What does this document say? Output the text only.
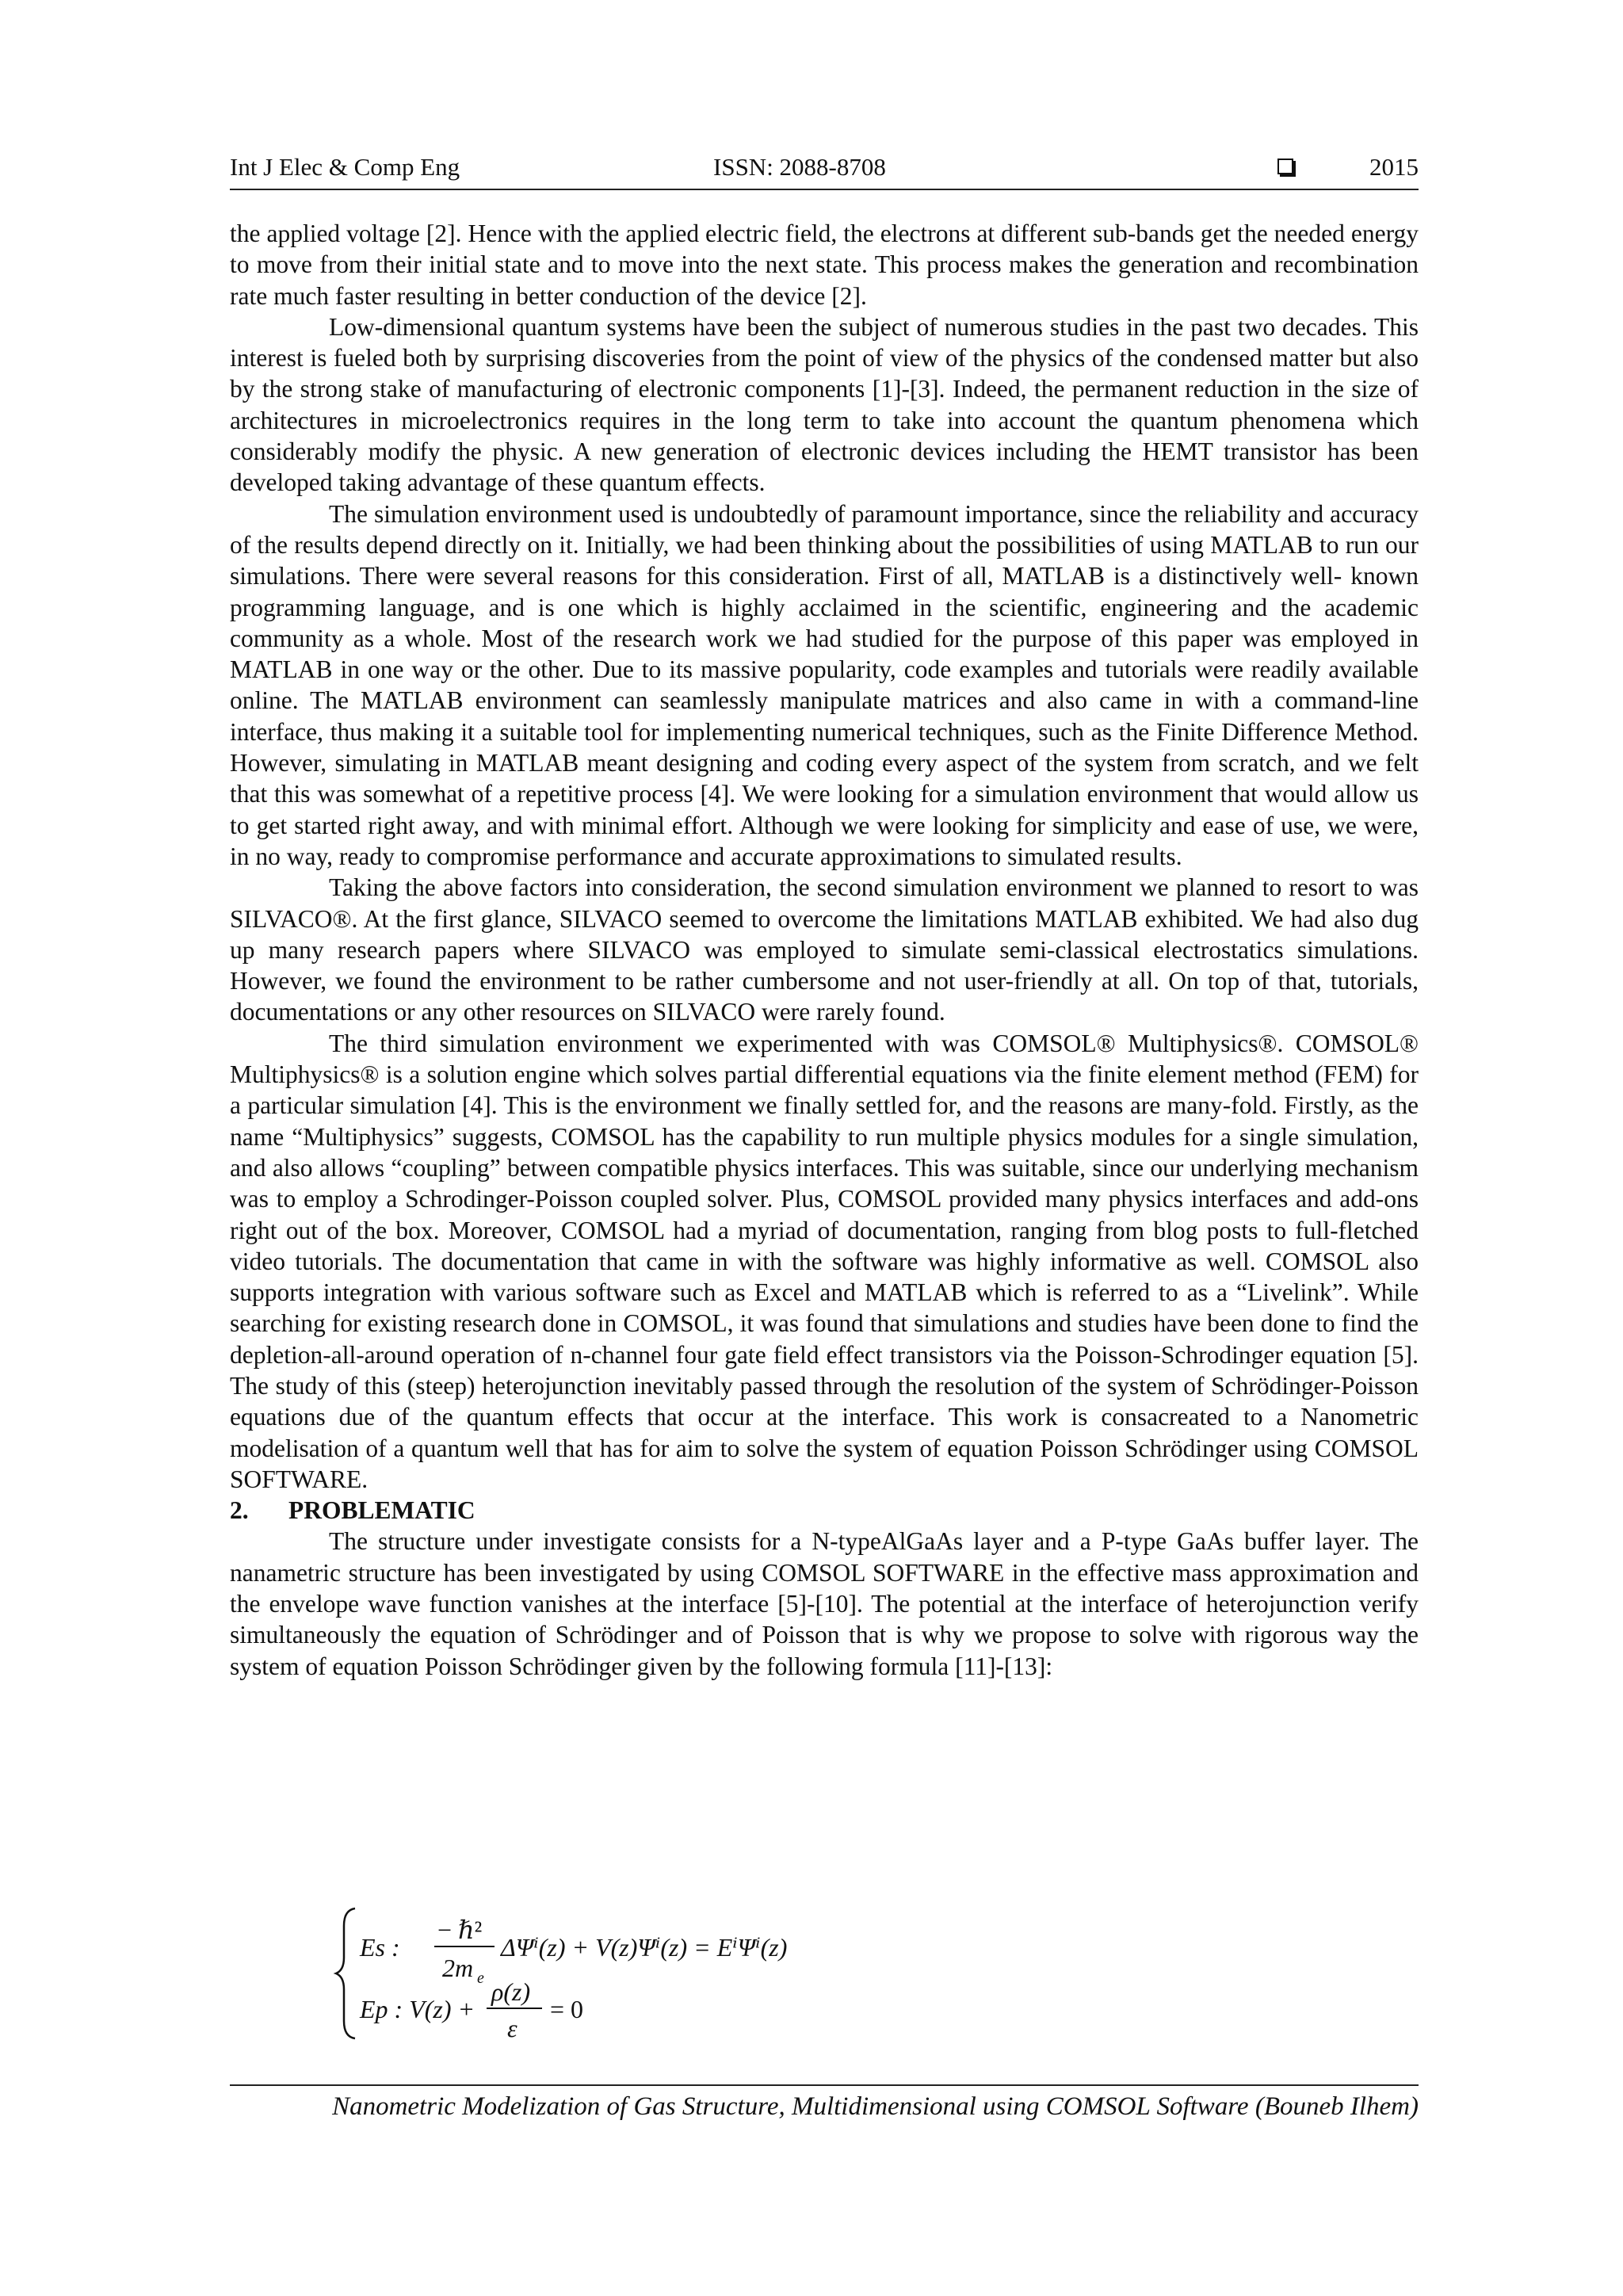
Int J Elec & Comp Eng	ISSN: 2088-8708	2015

the applied voltage [2]. Hence with the applied electric field, the electrons at different sub-bands get the needed energy to move from their initial state and to move into the next state. This process makes the generation and recombination rate much faster resulting in better conduction of the device [2].

Low-dimensional quantum systems have been the subject of numerous studies in the past two decades. This interest is fueled both by surprising discoveries from the point of view of the physics of the condensed matter but also by the strong stake of manufacturing of electronic components [1]-[3]. Indeed, the permanent reduction in the size of architectures in microelectronics requires in the long term to take into account the quantum phenomena which considerably modify the physic. A new generation of electronic devices including the HEMT transistor has been developed taking advantage of these quantum effects.

The simulation environment used is undoubtedly of paramount importance, since the reliability and accuracy of the results depend directly on it. Initially, we had been thinking about the possibilities of using MATLAB to run our simulations. There were several reasons for this consideration. First of all, MATLAB is a distinctively well- known programming language, and is one which is highly acclaimed in the scientific, engineering and the academic community as a whole. Most of the research work we had studied for the purpose of this paper was employed in MATLAB in one way or the other. Due to its massive popularity, code examples and tutorials were readily available online. The MATLAB environment can seamlessly manipulate matrices and also came in with a command-line interface, thus making it a suitable tool for implementing numerical techniques, such as the Finite Difference Method. However, simulating in MATLAB meant designing and coding every aspect of the system from scratch, and we felt that this was somewhat of a repetitive process [4]. We were looking for a simulation environment that would allow us to get started right away, and with minimal effort. Although we were looking for simplicity and ease of use, we were, in no way, ready to compromise performance and accurate approximations to simulated results.

Taking the above factors into consideration, the second simulation environment we planned to resort to was SILVACO®. At the first glance, SILVACO seemed to overcome the limitations MATLAB exhibited. We had also dug up many research papers where SILVACO was employed to simulate semi-classical electrostatics simulations. However, we found the environment to be rather cumbersome and not user-friendly at all. On top of that, tutorials, documentations or any other resources on SILVACO were rarely found.

The third simulation environment we experimented with was COMSOL® Multiphysics®. COMSOL® Multiphysics® is a solution engine which solves partial differential equations via the finite element method (FEM) for a particular simulation [4]. This is the environment we finally settled for, and the reasons are many-fold. Firstly, as the name “Multiphysics” suggests, COMSOL has the capability to run multiple physics modules for a single simulation, and also allows “coupling” between compatible physics interfaces. This was suitable, since our underlying mechanism was to employ a Schrodinger-Poisson coupled solver. Plus, COMSOL provided many physics interfaces and add-ons right out of the box. Moreover, COMSOL had a myriad of documentation, ranging from blog posts to full-fletched video tutorials. The documentation that came in with the software was highly informative as well. COMSOL also supports integration with various software such as Excel and MATLAB which is referred to as a “Livelink”. While searching for existing research done in COMSOL, it was found that simulations and studies have been done to find the depletion-all-around operation of n-channel four gate field effect transistors via the Poisson-Schrodinger equation [5]. The study of this (steep) heterojunction inevitably passed through the resolution of the system of Schrödinger-Poisson equations due of the quantum effects that occur at the interface. This work is consacreated to a Nanometric modelisation of a quantum well that has for aim to solve the system of equation Poisson Schrödinger using COMSOL SOFTWARE.

2. PROBLEMATIC

The structure under investigate consists for a N-typeAlGaAs layer and a P-type GaAs buffer layer. The nanametric structure has been investigated by using COMSOL SOFTWARE in the effective mass approximation and the envelope wave function vanishes at the interface [5]-[10]. The potential at the interface of heterojunction verify simultaneously the equation of Schrödinger and of Poisson that is why we propose to solve with rigorous way the system of equation Poisson Schrödinger given by the following formula [11]-[13]:

Es :
− ℏ²
2m e
ΔΨⁱ(z) + V(z)Ψⁱ(z) = EⁱΨⁱ(z)
Ep : V(z) +
ρ(z)
ε
= 0
Nanometric Modelization of Gas Structure, Multidimensional using COMSOL Software (Bouneb Ilhem)
